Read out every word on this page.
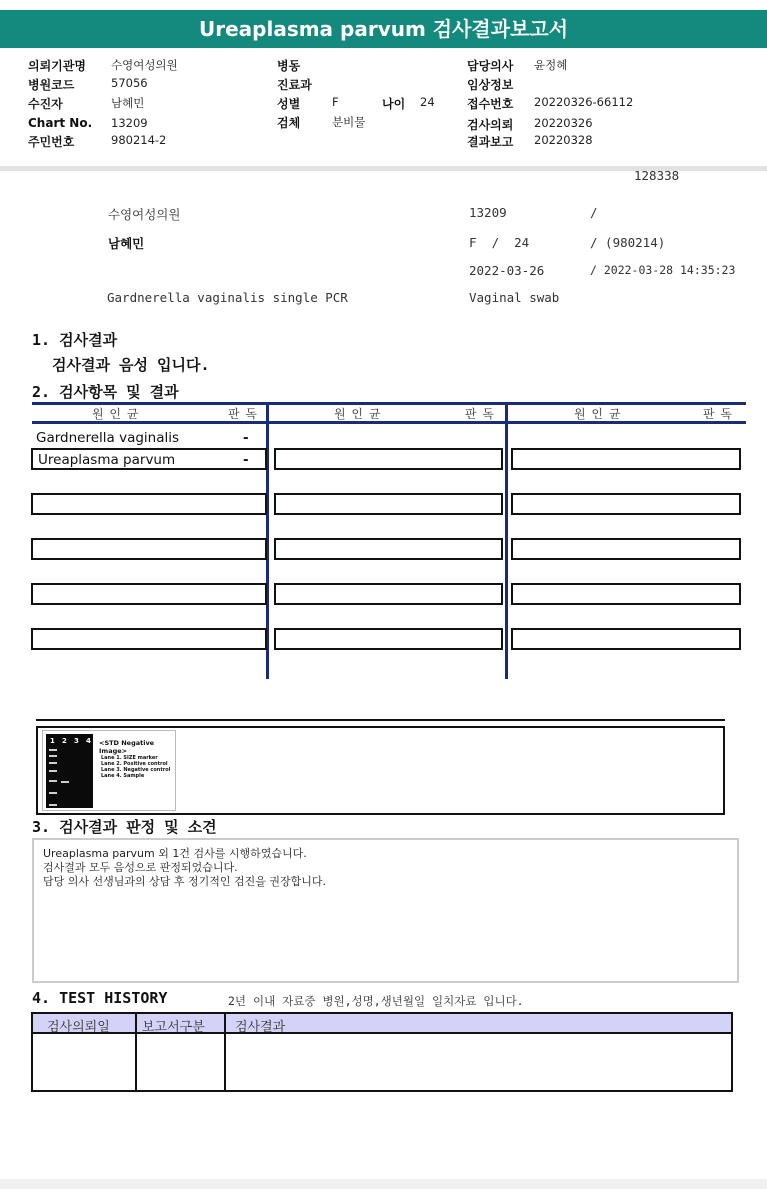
Ureaplasma parvum 검사결과보고서
의뢰기관명 수영여성의원
병원코드	57056
수진자	남혜민
Chart No. 13209
주민번호	980214-2
병동
진료과
성별	F	나이 24
검체	분비물
담당의사 윤정혜
임상정보
접수번호 20220326-66112
검사의뢰 20220326
결과보고 20220328
128338
수영여성의원	13209	/
남혜민	F  /  24	/ (980214)
2022-03-26	/ 2022-03-28 14:35:23
Gardnerella vaginalis single PCR	Vaginal swab
1. 검사결과
검사결과 음성 입니다.
2. 검사항목 및 결과
원 인 균	판 독	원 인 균	판 독	원 인 균	판 독
Gardnerella vaginalis	-
Ureaplasma parvum	-
1 2 3 4 <STD Negative Image>
Lane 1. SIZE marker
Lane 2. Positive control
Lane 3. Negative control
Lane 4. Sample
3. 검사결과 판정 및 소견
Ureaplasma parvum 외 1건 검사를 시행하였습니다.
검사결과 모두 음성으로 판정되었습니다.
담당 의사 선생님과의 상담 후 정기적인 검진을 권장합니다.
4. TEST HISTORY	2년 이내 자료중 병원,성명,생년월일 일치자료 입니다.
검사의뢰일 보고서구분 검사결과
